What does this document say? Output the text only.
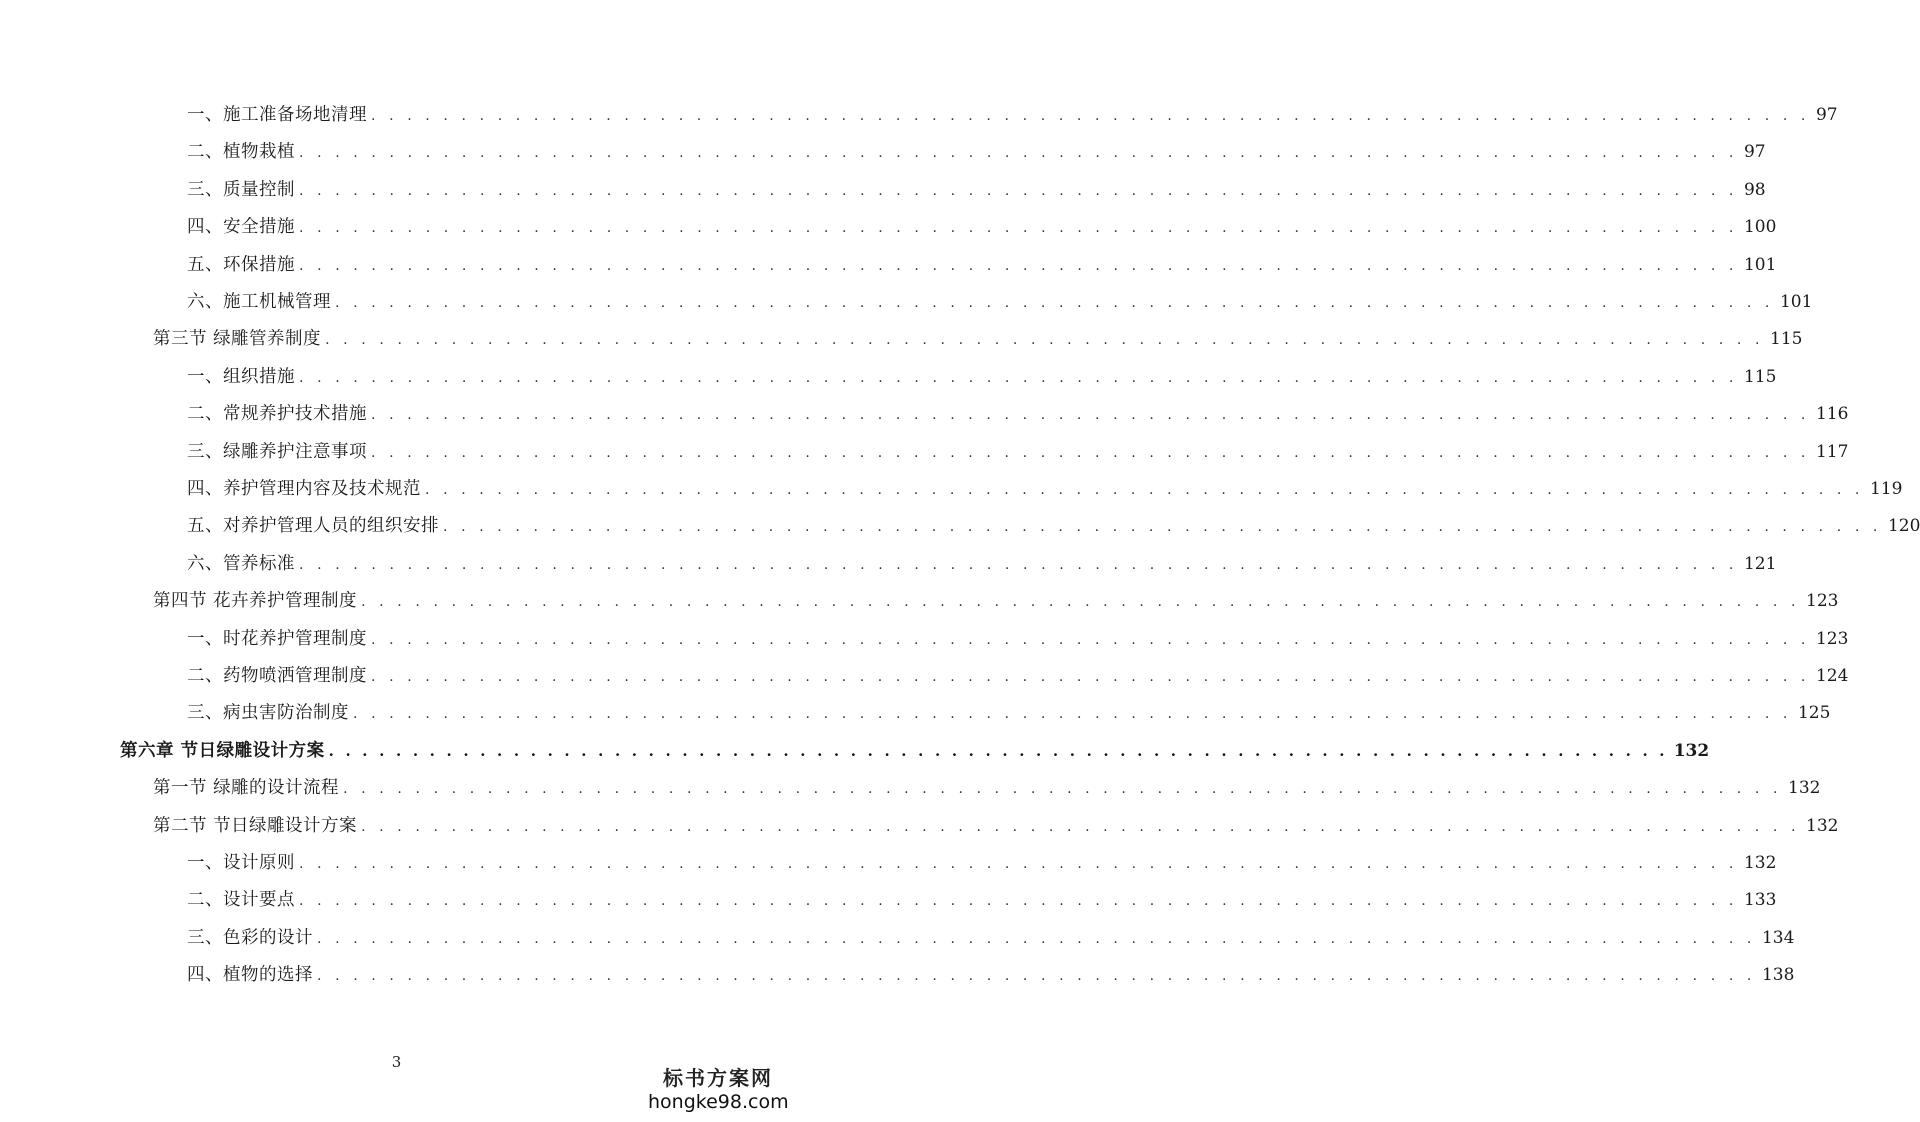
一、施工准备场地清理 . . . . . . . . . . . . . . . . . . . . . . . . . . . . . . . . . . . . . . . . . . . . . . . . . . . . . . . . . . . . . . . . . . . . . . . . . . . . . . . . 97
二、植物栽植 . . . . . . . . . . . . . . . . . . . . . . . . . . . . . . . . . . . . . . . . . . . . . . . . . . . . . . . . . . . . . . . . . . . . . . . . . . . . . . . . 97
三、质量控制 . . . . . . . . . . . . . . . . . . . . . . . . . . . . . . . . . . . . . . . . . . . . . . . . . . . . . . . . . . . . . . . . . . . . . . . . . . . . . . . . 98
四、安全措施 . . . . . . . . . . . . . . . . . . . . . . . . . . . . . . . . . . . . . . . . . . . . . . . . . . . . . . . . . . . . . . . . . . . . . . . . . . . . . . . . 100
五、环保措施 . . . . . . . . . . . . . . . . . . . . . . . . . . . . . . . . . . . . . . . . . . . . . . . . . . . . . . . . . . . . . . . . . . . . . . . . . . . . . . . . 101
六、施工机械管理 . . . . . . . . . . . . . . . . . . . . . . . . . . . . . . . . . . . . . . . . . . . . . . . . . . . . . . . . . . . . . . . . . . . . . . . . . . . . . . . . 101
第三节 绿雕管养制度 . . . . . . . . . . . . . . . . . . . . . . . . . . . . . . . . . . . . . . . . . . . . . . . . . . . . . . . . . . . . . . . . . . . . . . . . . . . . . . . . 115
一、组织措施 . . . . . . . . . . . . . . . . . . . . . . . . . . . . . . . . . . . . . . . . . . . . . . . . . . . . . . . . . . . . . . . . . . . . . . . . . . . . . . . . 115
二、常规养护技术措施 . . . . . . . . . . . . . . . . . . . . . . . . . . . . . . . . . . . . . . . . . . . . . . . . . . . . . . . . . . . . . . . . . . . . . . . . . . . . . . . . 116
三、绿雕养护注意事项 . . . . . . . . . . . . . . . . . . . . . . . . . . . . . . . . . . . . . . . . . . . . . . . . . . . . . . . . . . . . . . . . . . . . . . . . . . . . . . . . 117
四、养护管理内容及技术规范 . . . . . . . . . . . . . . . . . . . . . . . . . . . . . . . . . . . . . . . . . . . . . . . . . . . . . . . . . . . . . . . . . . . . . . . . . . . . . . . . 119
五、对养护管理人员的组织安排 . . . . . . . . . . . . . . . . . . . . . . . . . . . . . . . . . . . . . . . . . . . . . . . . . . . . . . . . . . . . . . . . . . . . . . . . . . . . . . . . 120
六、管养标准 . . . . . . . . . . . . . . . . . . . . . . . . . . . . . . . . . . . . . . . . . . . . . . . . . . . . . . . . . . . . . . . . . . . . . . . . . . . . . . . . 121
第四节 花卉养护管理制度 . . . . . . . . . . . . . . . . . . . . . . . . . . . . . . . . . . . . . . . . . . . . . . . . . . . . . . . . . . . . . . . . . . . . . . . . . . . . . . . . 123
一、时花养护管理制度 . . . . . . . . . . . . . . . . . . . . . . . . . . . . . . . . . . . . . . . . . . . . . . . . . . . . . . . . . . . . . . . . . . . . . . . . . . . . . . . . 123
二、药物喷洒管理制度 . . . . . . . . . . . . . . . . . . . . . . . . . . . . . . . . . . . . . . . . . . . . . . . . . . . . . . . . . . . . . . . . . . . . . . . . . . . . . . . . 124
三、病虫害防治制度 . . . . . . . . . . . . . . . . . . . . . . . . . . . . . . . . . . . . . . . . . . . . . . . . . . . . . . . . . . . . . . . . . . . . . . . . . . . . . . . . 125
第六章 节日绿雕设计方案 . . . . . . . . . . . . . . . . . . . . . . . . . . . . . . . . . . . . . . . . . . . . . . . . . . . . . . . . . . . . . . . . . . . . . . . . . . . . . . . . 132
第一节 绿雕的设计流程 . . . . . . . . . . . . . . . . . . . . . . . . . . . . . . . . . . . . . . . . . . . . . . . . . . . . . . . . . . . . . . . . . . . . . . . . . . . . . . . . 132
第二节 节日绿雕设计方案 . . . . . . . . . . . . . . . . . . . . . . . . . . . . . . . . . . . . . . . . . . . . . . . . . . . . . . . . . . . . . . . . . . . . . . . . . . . . . . . . 132
一、设计原则 . . . . . . . . . . . . . . . . . . . . . . . . . . . . . . . . . . . . . . . . . . . . . . . . . . . . . . . . . . . . . . . . . . . . . . . . . . . . . . . . 132
二、设计要点 . . . . . . . . . . . . . . . . . . . . . . . . . . . . . . . . . . . . . . . . . . . . . . . . . . . . . . . . . . . . . . . . . . . . . . . . . . . . . . . . 133
三、色彩的设计 . . . . . . . . . . . . . . . . . . . . . . . . . . . . . . . . . . . . . . . . . . . . . . . . . . . . . . . . . . . . . . . . . . . . . . . . . . . . . . . . 134
四、植物的选择 . . . . . . . . . . . . . . . . . . . . . . . . . . . . . . . . . . . . . . . . . . . . . . . . . . . . . . . . . . . . . . . . . . . . . . . . . . . . . . . . 138
3
标书方案网
hongke98.com
